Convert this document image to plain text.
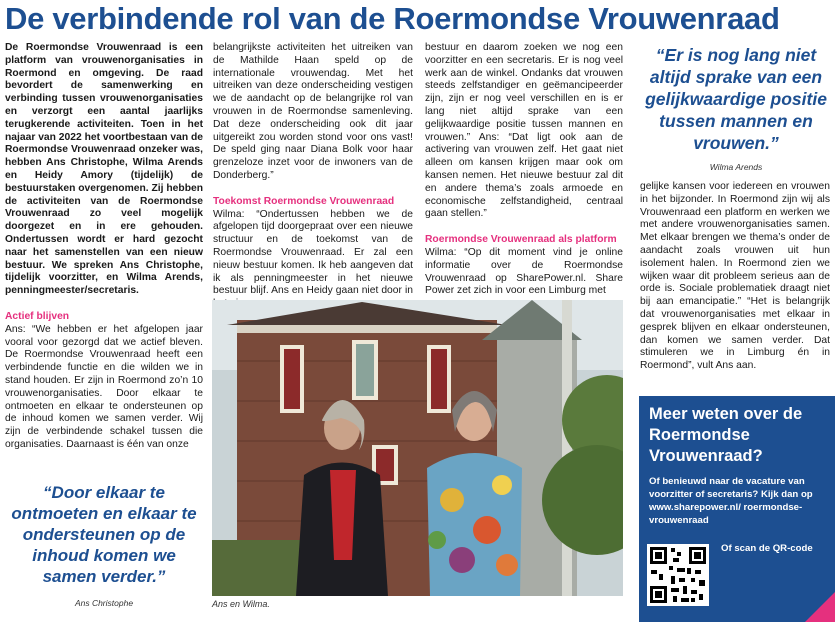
De verbindende rol van de Roermondse Vrouwenraad

De Roermondse Vrouwenraad is een platform van vrouwenorganisaties in Roermond en omgeving. De raad bevordert de samenwerking en verbinding tussen vrouwenorganisaties en verzorgt een aantal jaarlijks terugkerende activiteiten. Toen in het najaar van 2022 het voortbestaan van de Roermondse Vrouwenraad onzeker was, hebben Ans Christophe, Wilma Arends en Heidy Amory (tijdelijk) de bestuurstaken overgenomen. Zij hebben de activiteiten van de Roermondse Vrouwenraad zo veel mogelijk doorgezet en in ere gehouden. Ondertussen wordt er hard gezocht naar het samenstellen van een nieuw bestuur. We spreken Ans Christophe, tijdelijk voorzitter, en Wilma Arends, penningmeester/secretaris.

Actief blijven

Ans: “We hebben er het afgelopen jaar vooral voor gezorgd dat we actief bleven. De Roermondse Vrouwenraad heeft een verbindende functie en die wilden we in stand houden. Er zijn in Roermond zo’n 10 vrouwenorganisaties. Door elkaar te ontmoeten en elkaar te ondersteunen op de inhoud komen we samen verder. Wij zijn de verbindende schakel tussen die organisaties. Daarnaast is één van onze

belangrijkste activiteiten het uitreiken van de Mathilde Haan speld op de internationale vrouwendag. Met het uitreiken van deze onderscheiding vestigen we de aandacht op de belangrijke rol van vrouwen in de Roermondse samenleving. Dat deze onderscheiding ook dit jaar uitgereikt zou worden stond voor ons vast! De speld ging naar Diana Bolk voor haar grenzeloze inzet voor de inwoners van de Donderberg.”

Toekomst Roermondse Vrouwenraad

Wilma: “Ondertussen hebben we de afgelopen tijd doorgepraat over een nieuwe structuur en de toekomst van de Roermondse Vrouwenraad. Er zal een nieuw bestuur komen. Ik heb aangeven dat ik als penningmeester in het nieuwe bestuur blijf. Ans en Heidy gaan niet door in

bestuur en daarom zoeken we nog een voorzitter en een secretaris. Er is nog veel werk aan de winkel. Ondanks dat vrouwen steeds zelfstandiger en geëmancipeerder zijn, zijn er nog veel verschillen en is er lang niet altijd sprake van een gelijkwaardige positie tussen mannen en vrouwen.” Ans: “Dat ligt ook aan de activering van vrouwen zelf. Het gaat niet alleen om kansen krijgen maar ook om kansen nemen. Het nieuwe bestuur zal dit en andere thema’s zoals armoede en economische zelfstandigheid, centraal gaan stellen.”

Roermondse Vrouwenraad als platform

Wilma: “Op dit moment vind je online informatie over de Roermondse Vrouwenraad op SharePower.nl. Share Power zet zich in voor een Limburg met

gelijke kansen voor iedereen en vrouwen in het bijzonder. In Roermond zijn wij als Vrouwenraad een platform en werken we met andere vrouwenorganisaties samen. Met elkaar brengen we thema’s onder de aandacht zoals vrouwen uit hun isolement halen. In Roermond zien we wijken waar dit probleem serieus aan de orde is. Sociale problematiek draagt niet bij aan emancipatie.” “Het is belangrijk dat vrouwenorganisaties met elkaar in gesprek blijven en elkaar ondersteunen, dan komen we samen verder. Dat stimuleren we in Limburg én in Roermond”, vult Ans aan.

“Door elkaar te ontmoeten en elkaar te ondersteunen op de inhoud komen we samen verder.”
Ans Christophe
“Er is nog lang niet altijd sprake van een gelijkwaardige positie tussen mannen en vrouwen.”
Wilma Arends
Ans en Wilma.
Meer weten over de Roermondse Vrouwenraad?
Of benieuwd naar de vacature van voorzitter of secretaris? Kijk dan op www.sharepower.nl/ roermondse-vrouwenraad
Of scan de QR-code
